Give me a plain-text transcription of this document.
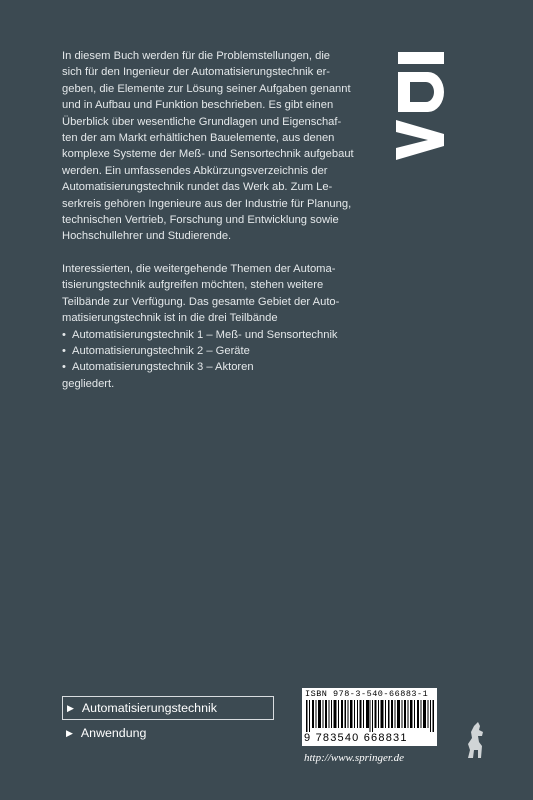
In diesem Buch werden für die Problemstellungen, die
sich für den Ingenieur der Automatisierungstechnik er-
geben, die Elemente zur Lösung seiner Aufgaben genannt
und in Aufbau und Funktion beschrieben. Es gibt einen
Überblick über wesentliche Grundlagen und Eigenschaf-
ten der am Markt erhältlichen Bauelemente, aus denen
komplexe Systeme der Meß- und Sensortechnik aufgebaut
werden. Ein umfassendes Abkürzungsverzeichnis der
Automatisierungstechnik rundet das Werk ab. Zum Le-
serkreis gehören Ingenieure aus der Industrie für Planung,
technischen Vertrieb, Forschung und Entwicklung sowie
Hochschullehrer und Studierende.

Interessierten, die weitergehende Themen der Automa-
tisierungstechnik aufgreifen möchten, stehen weitere
Teilbände zur Verfügung. Das gesamte Gebiet der Auto-
matisierungstechnik ist in die drei Teilbände

• Automatisierungstechnik 1 – Meß- und Sensortechnik
• Automatisierungstechnik 2 – Geräte
• Automatisierungstechnik 3 – Aktoren

gegliedert.

▶ Automatisierungstechnik
▶ Anwendung
ISBN 978-3-540-66883-1
9 783540 668831
http://www.springer.de
